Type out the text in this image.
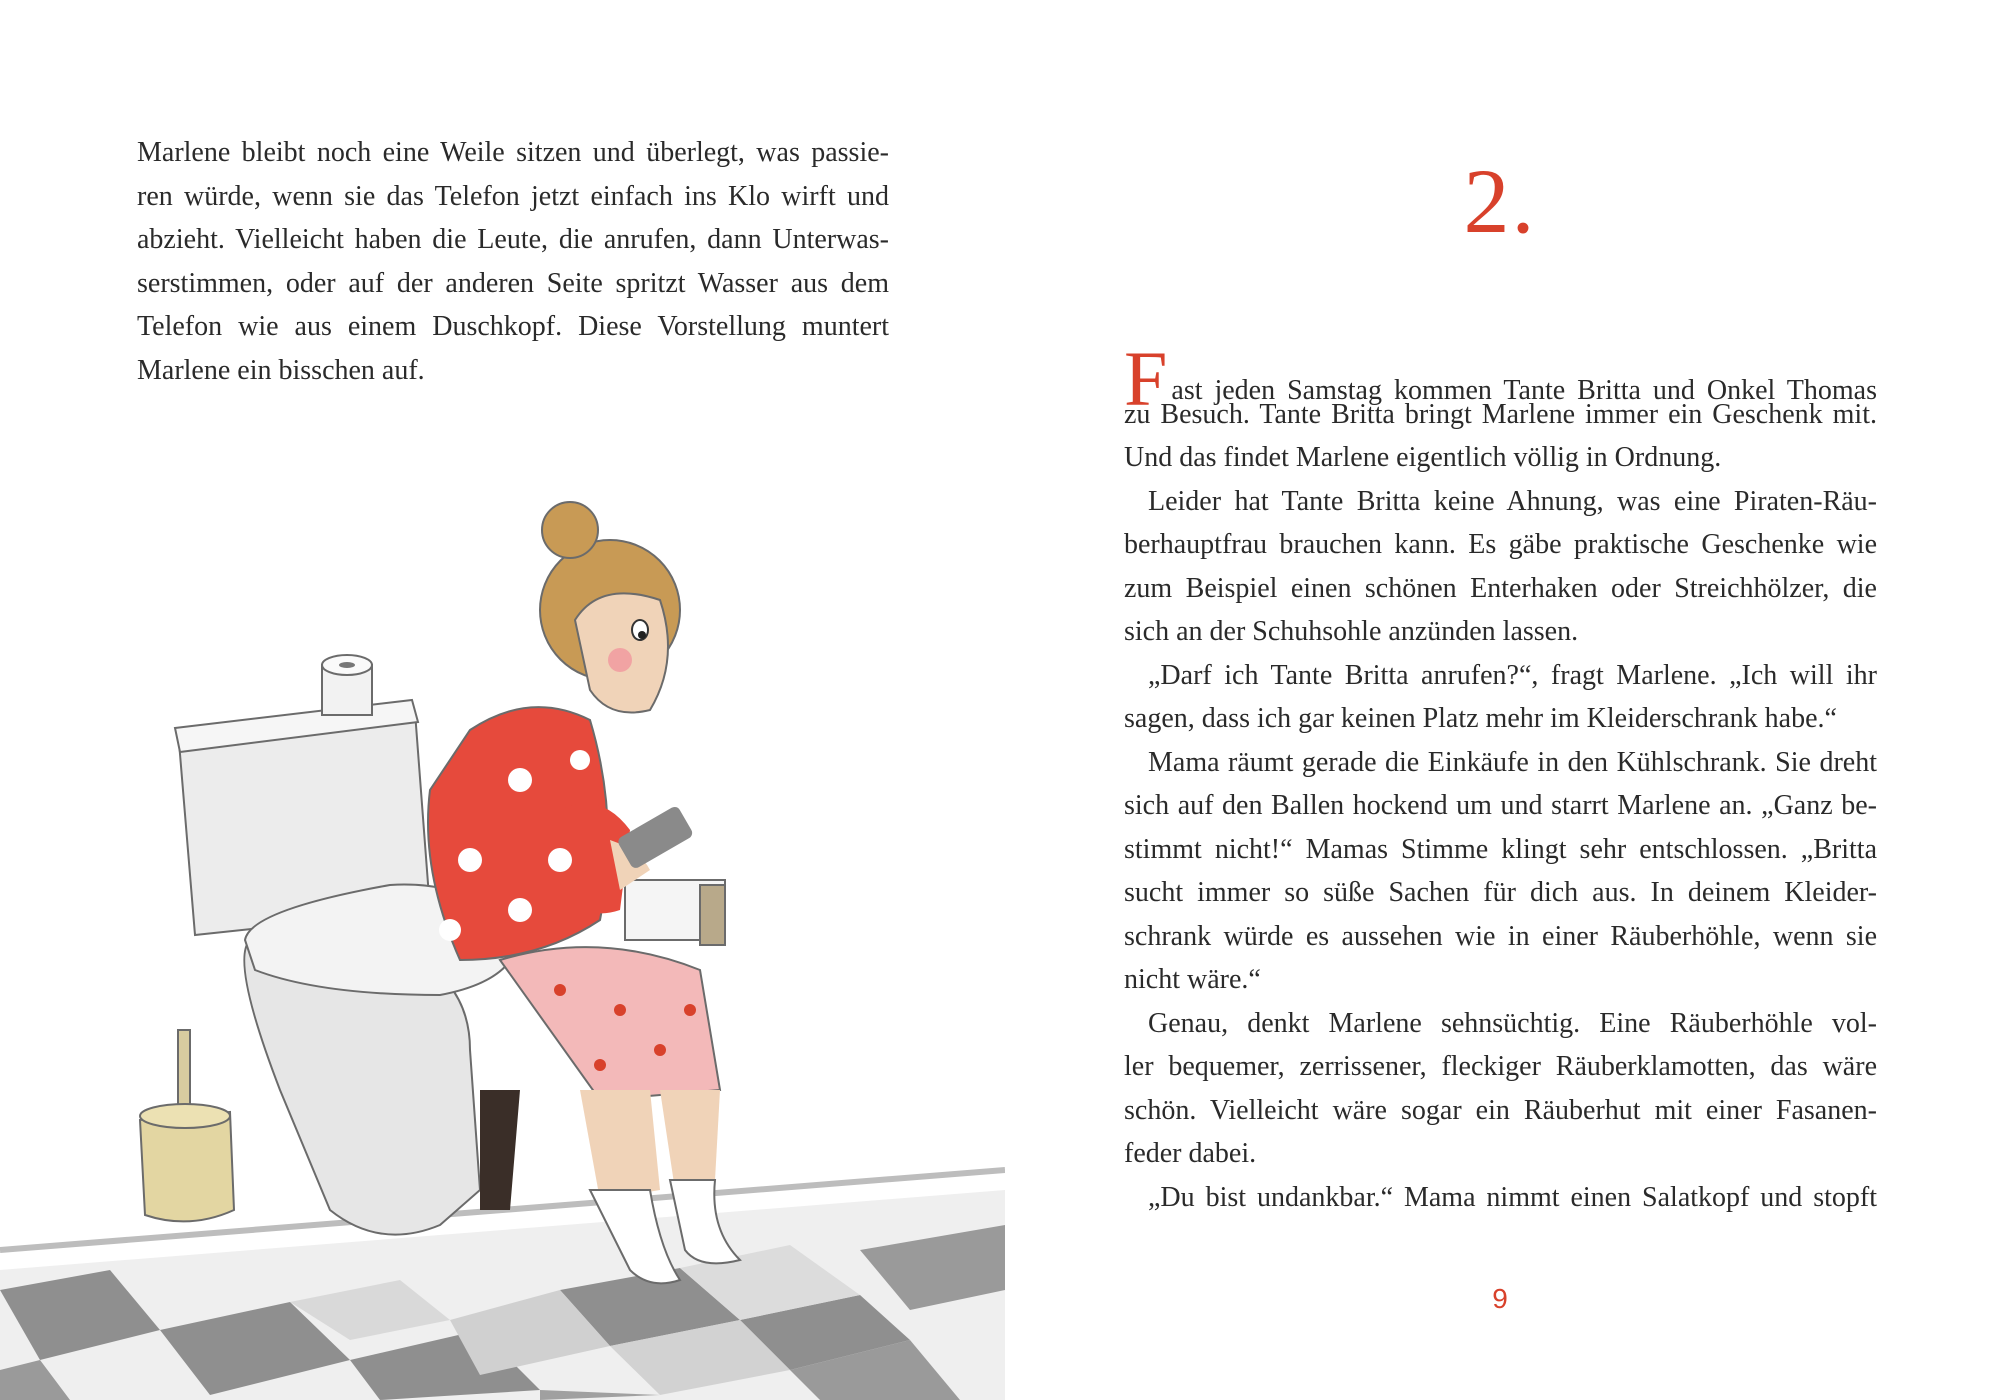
Marlene bleibt noch eine Weile sitzen und überlegt, was passie-
ren würde, wenn sie das Telefon jetzt einfach ins Klo wirft und
abzieht. Vielleicht haben die Leute, die anrufen, dann Unterwas-
serstimmen, oder auf der anderen Seite spritzt Wasser aus dem
Telefon wie aus einem Duschkopf. Diese Vorstellung muntert
Marlene ein bisschen auf.
2.
Fast jeden Samstag kommen Tante Britta und Onkel Thomas
zu Besuch. Tante Britta bringt Marlene immer ein Geschenk mit.
Und das findet Marlene eigentlich völlig in Ordnung.
Leider hat Tante Britta keine Ahnung, was eine Piraten-Räu-
berhauptfrau brauchen kann. Es gäbe praktische Geschenke wie
zum Beispiel einen schönen Enterhaken oder Streichhölzer, die
sich an der Schuhsohle anzünden lassen.
„Darf ich Tante Britta anrufen?“, fragt Marlene. „Ich will ihr
sagen, dass ich gar keinen Platz mehr im Kleiderschrank habe.“
Mama räumt gerade die Einkäufe in den Kühlschrank. Sie dreht
sich auf den Ballen hockend um und starrt Marlene an. „Ganz be-
stimmt nicht!“ Mamas Stimme klingt sehr entschlossen. „Britta
sucht immer so süße Sachen für dich aus. In deinem Kleider-
schrank würde es aussehen wie in einer Räuberhöhle, wenn sie
nicht wäre.“
Genau, denkt Marlene sehnsüchtig. Eine Räuberhöhle vol-
ler bequemer, zerrissener, fleckiger Räuberklamotten, das wäre
schön. Vielleicht wäre sogar ein Räuberhut mit einer Fasanen-
feder dabei.
„Du bist undankbar.“ Mama nimmt einen Salatkopf und stopft
9
